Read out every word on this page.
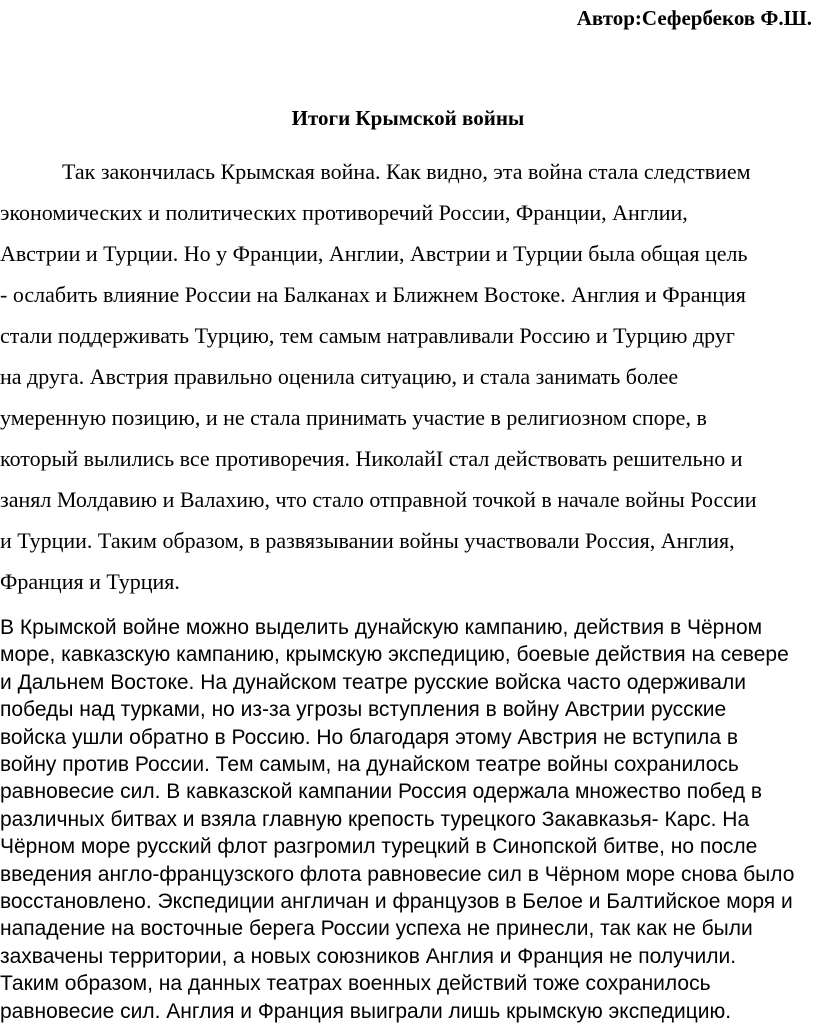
Автор:Сефербеков Ф.Ш.
Итоги Крымской войны
Так закончилась Крымская война. Как видно, эта война стала следствием
экономических и политических противоречий России, Франции, Англии,
Австрии и Турции. Но у Франции, Англии, Австрии и Турции была общая цель
- ослабить влияние России на Балканах и Ближнем Востоке. Англия и Франция
стали поддерживать Турцию, тем самым натравливали Россию и Турцию друг
на друга. Австрия правильно оценила ситуацию, и стала занимать более
умеренную позицию, и не стала принимать участие в религиозном споре, в
который вылились все противоречия. НиколайI стал действовать решительно и
занял Молдавию и Валахию, что стало отправной точкой в начале войны России
и Турции. Таким образом, в развязывании войны участвовали Россия, Англия,
Франция и Турция.
В Крымской войне можно выделить дунайскую кампанию, действия в Чёрном
море, кавказскую кампанию, крымскую экспедицию, боевые действия на севере
и Дальнем Востоке. На дунайском театре русские войска часто одерживали
победы над турками, но из-за угрозы вступления в войну Австрии русские
войска ушли обратно в Россию. Но благодаря этому Австрия не вступила в
войну против России. Тем самым, на дунайском театре войны сохранилось
равновесие сил. В кавказской кампании Россия одержала множество побед в
различных битвах и взяла главную крепость турецкого Закавказья- Карс. На
Чёрном море русский флот разгромил турецкий в Синопской битве, но после
введения англо-французского флота равновесие сил в Чёрном море снова было
восстановлено. Экспедиции англичан и французов в Белое и Балтийское моря и
нападение на восточные берега России успеха не принесли, так как не были
захвачены территории, а новых союзников Англия и Франция не получили.
Таким образом, на данных театрах военных действий тоже сохранилось
равновесие сил. Англия и Франция выиграли лишь крымскую экспедицию.
